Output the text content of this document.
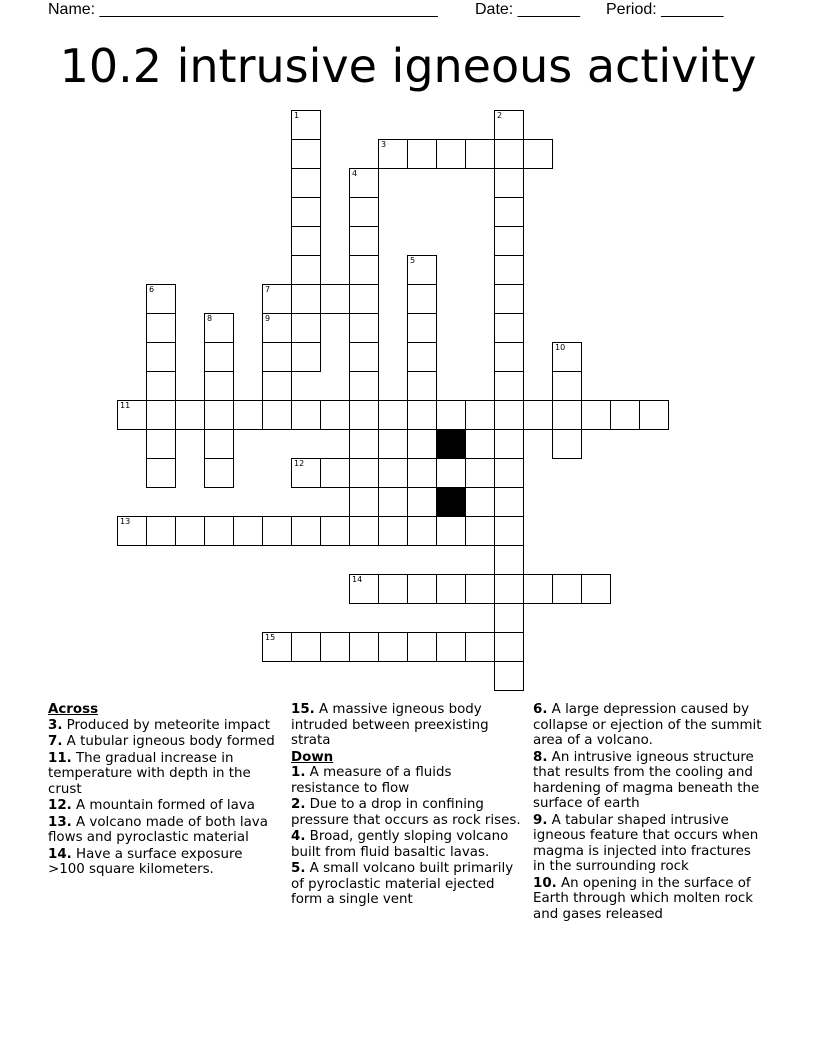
Name: ______________________________________ Date: _______ Period: _______
10.2 intrusive igneous activity
1	2
3
4
5
6	7
8	9
10
11
12
13
14
15
Across
3. Produced by meteorite impact
7. A tubular igneous body formed
11. The gradual increase in temperature with depth in the crust
12. A mountain formed of lava
13. A volcano made of both lava flows and pyroclastic material
14. Have a surface exposure >100 square kilometers.
15. A massive igneous body intruded between preexisting strata
Down
1. A measure of a fluids resistance to flow
2. Due to a drop in confining pressure that occurs as rock rises.
4. Broad, gently sloping volcano built from fluid basaltic lavas.
5. A small volcano built primarily of pyroclastic material ejected form a single vent
6. A large depression caused by collapse or ejection of the summit area of a volcano.
8. An intrusive igneous structure that results from the cooling and hardening of magma beneath the surface of earth
9. A tabular shaped intrusive igneous feature that occurs when magma is injected into fractures in the surrounding rock
10. An opening in the surface of Earth through which molten rock and gases released
